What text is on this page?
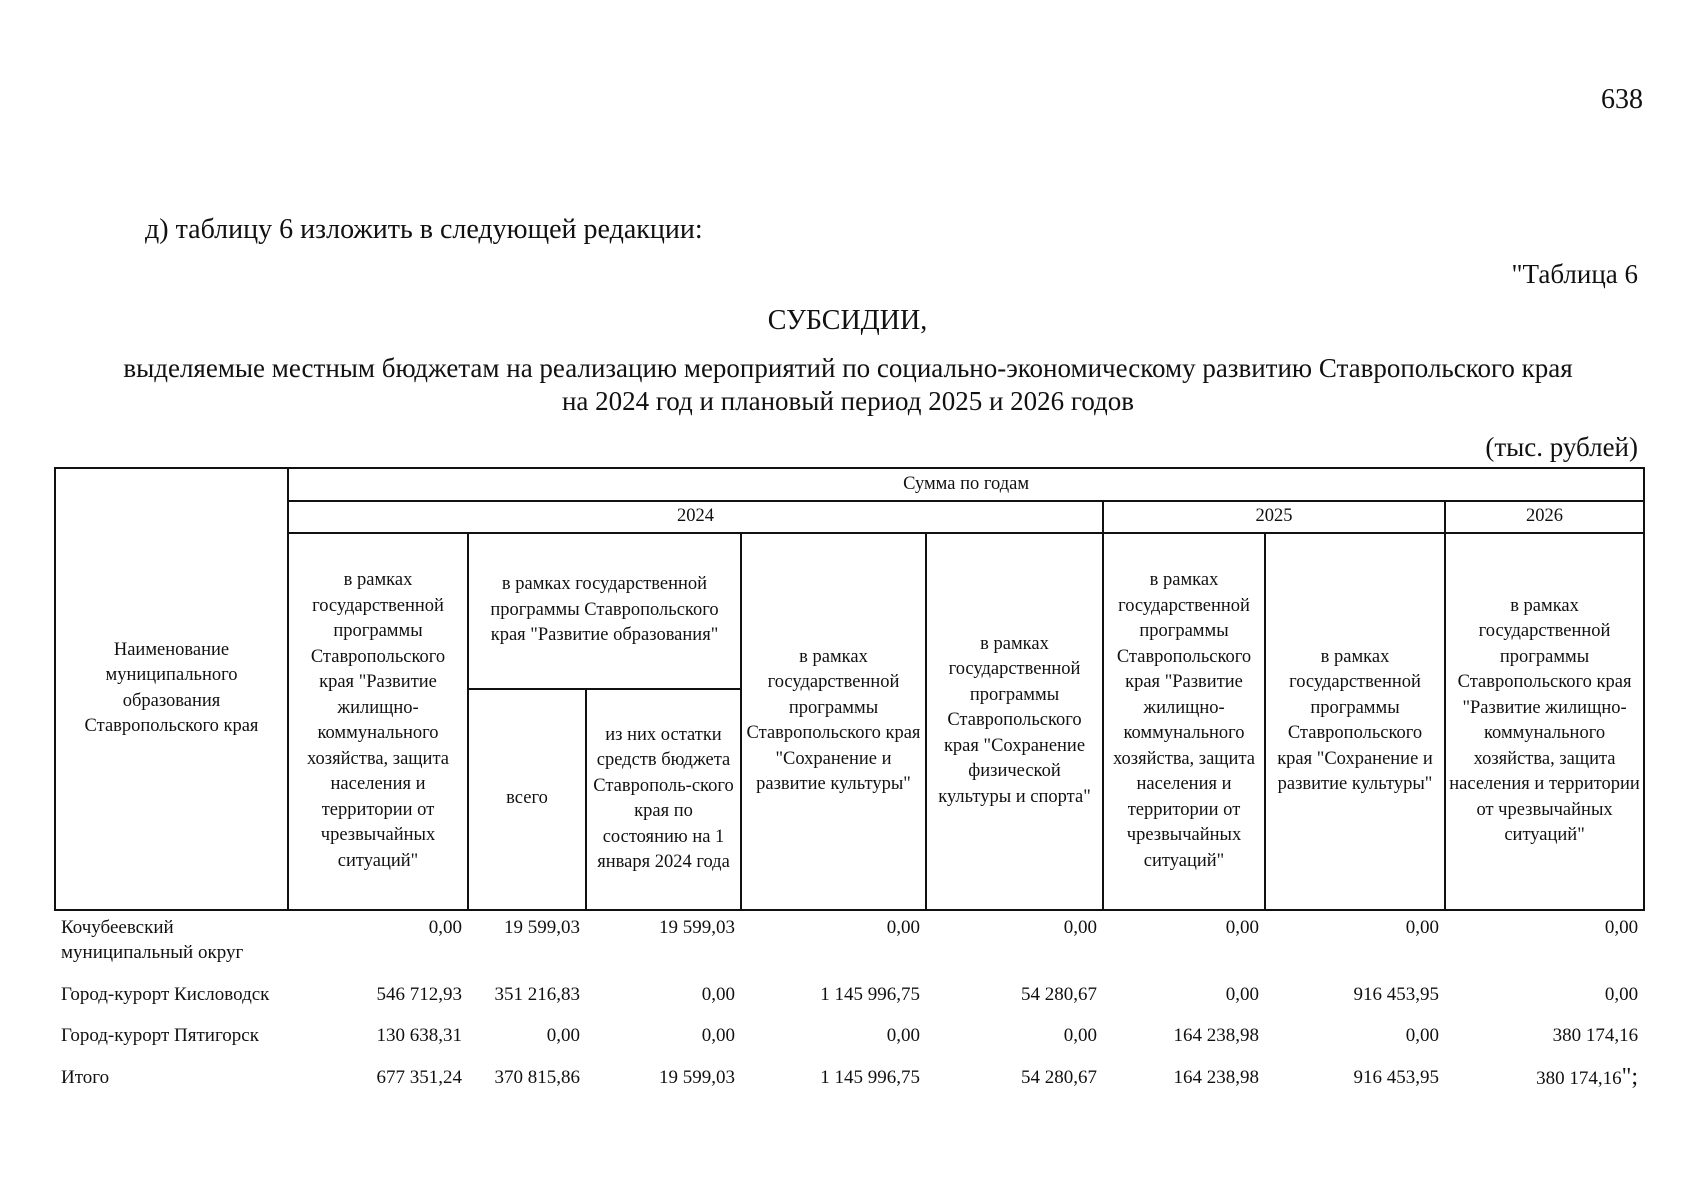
638
д) таблицу 6 изложить в следующей редакции:
"Таблица 6
СУБСИДИИ,
выделяемые местным бюджетам на реализацию мероприятий по социально-экономическому развитию Ставропольского края на 2024 год и плановый период 2025 и 2026 годов
(тыс. рублей)
Наименование муниципального образования Ставропольского края	Сумма по годам							
	2024					2025		2026
	в рамках государственной программы Ставропольского края "Развитие жилищно-коммунального хозяйства, защита населения и территории от чрезвычайных ситуаций"	в рамках государственной программы Ставропольского края "Развитие образования"		в рамках государственной программы Ставропольского края "Сохранение и развитие культуры"	в рамках государственной программы Ставропольского края "Сохранение физической культуры и спорта"	в рамках государственной программы Ставропольского края "Развитие жилищно-коммунального хозяйства, защита населения и территории от чрезвычайных ситуаций"	в рамках государственной программы Ставропольского края "Сохранение и развитие культуры"	в рамках государственной программы Ставропольского края "Развитие жилищно-коммунального хозяйства, защита населения и территории от чрезвычайных ситуаций"
		всего	из них остатки средств бюджета Ставрополь-ского края по состоянию на 1 января 2024 года					
Кочубеевский муниципальный округ	0,00	19 599,03	19 599,03	0,00	0,00	0,00	0,00	0,00
Город-курорт Кисловодск	546 712,93	351 216,83	0,00	1 145 996,75	54 280,67	0,00	916 453,95	0,00
Город-курорт Пятигорск	130 638,31	0,00	0,00	0,00	0,00	164 238,98	0,00	380 174,16
Итого	677 351,24	370 815,86	19 599,03	1 145 996,75	54 280,67	164 238,98	916 453,95	380 174,16";
